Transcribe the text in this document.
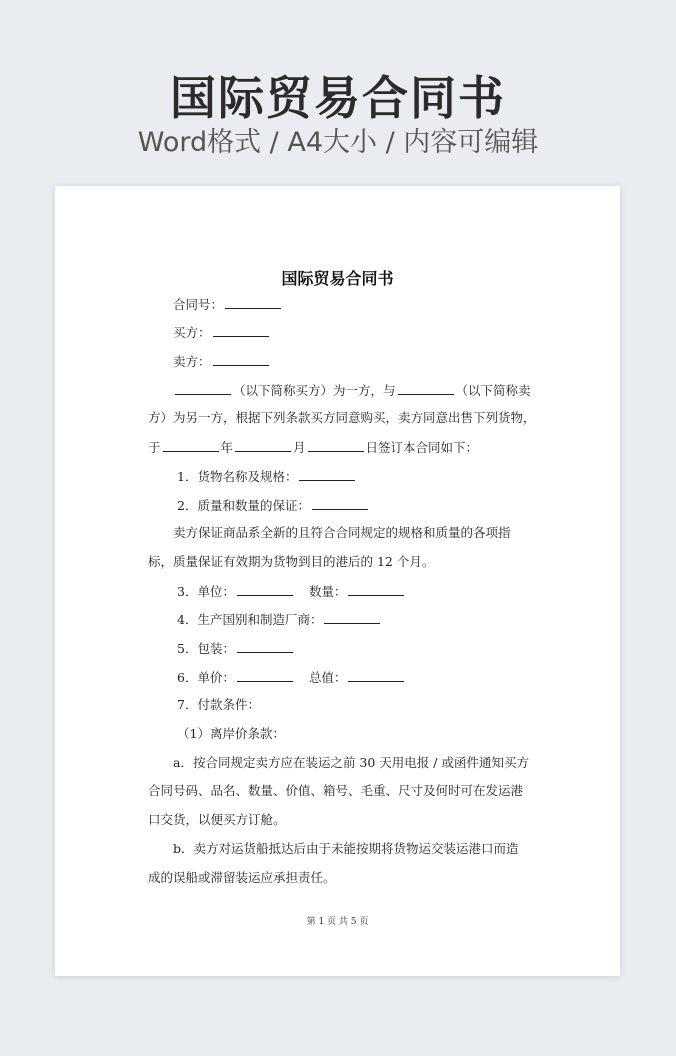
国际贸易合同书
Word格式 / A4大小 / 内容可编辑
国际贸易合同书
合同号：
买方：
卖方：
（以下简称买方）为一方，与	（以下简称卖
方）为另一方，根据下列条款买方同意购买，卖方同意出售下列货物，
于	年	月	日签订本合同如下：
1．货物名称及规格：
2．质量和数量的保证：
卖方保证商品系全新的且符合合同规定的规格和质量的各项指
标，质量保证有效期为货物到目的港后的 12 个月。
3．单位：	数量：
4．生产国别和制造厂商：
5．包装：
6．单价：	总值：
7．付款条件：
（1）离岸价条款：
a．按合同规定卖方应在装运之前 30 天用电报 / 或函件通知买方
合同号码、品名、数量、价值、箱号、毛重、尺寸及何时可在发运港
口交货，以便买方订舱。
b．卖方对运货船抵达后由于未能按期将货物运交装运港口而造
成的误船或滞留装运应承担责任。
第 1 页 共 5 页
